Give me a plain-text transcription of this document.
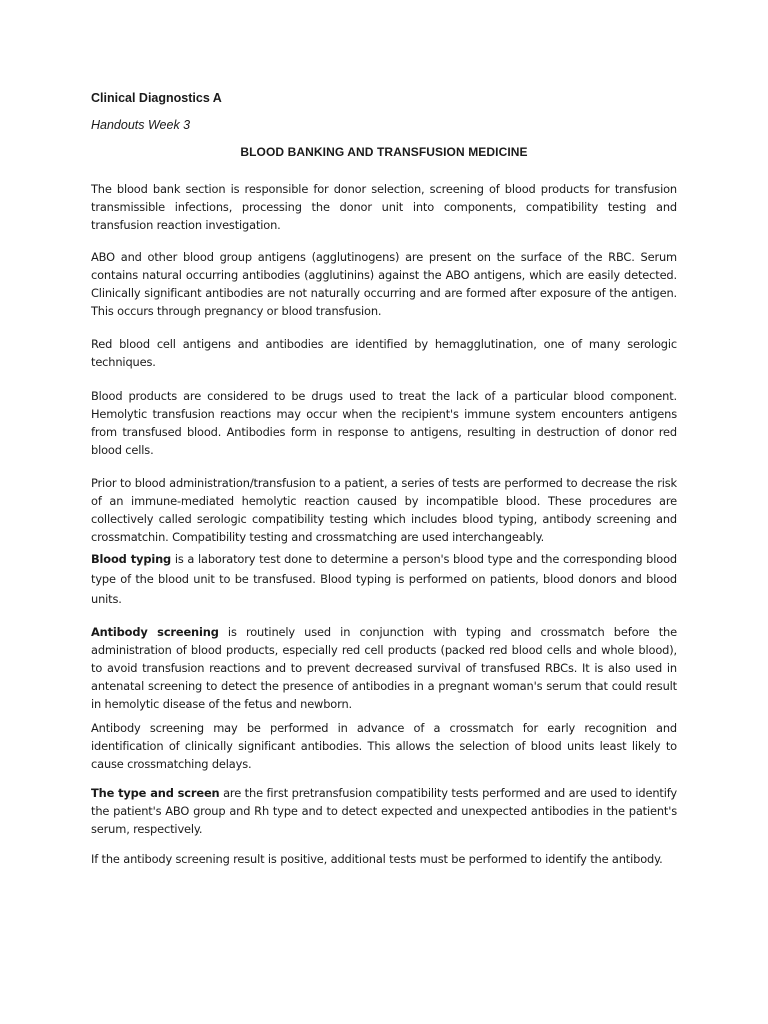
Clinical Diagnostics A

Handouts Week 3

BLOOD BANKING AND TRANSFUSION MEDICINE

The blood bank section is responsible for donor selection, screening of blood products for transfusion transmissible infections, processing the donor unit into components, compatibility testing and transfusion reaction investigation.

ABO and other blood group antigens (agglutinogens) are present on the surface of the RBC. Serum contains natural occurring antibodies (agglutinins) against the ABO antigens, which are easily detected. Clinically significant antibodies are not naturally occurring and are formed after exposure of the antigen. This occurs through pregnancy or blood transfusion.

Red blood cell antigens and antibodies are identified by hemagglutination, one of many serologic techniques.

Blood products are considered to be drugs used to treat the lack of a particular blood component. Hemolytic transfusion reactions may occur when the recipient's immune system encounters antigens from transfused blood. Antibodies form in response to antigens, resulting in destruction of donor red blood cells.

Prior to blood administration/transfusion to a patient, a series of tests are performed to decrease the risk of an immune-mediated hemolytic reaction caused by incompatible blood. These procedures are collectively called serologic compatibility testing which includes blood typing, antibody screening and crossmatchin. Compatibility testing and crossmatching are used interchangeably.

Blood typing is a laboratory test done to determine a person's blood type and the corresponding blood type of the blood unit to be transfused. Blood typing is performed on patients, blood donors and blood units.

Antibody screening is routinely used in conjunction with typing and crossmatch before the administration of blood products, especially red cell products (packed red blood cells and whole blood), to avoid transfusion reactions and to prevent decreased survival of transfused RBCs. It is also used in antenatal screening to detect the presence of antibodies in a pregnant woman's serum that could result in hemolytic disease of the fetus and newborn.

Antibody screening may be performed in advance of a crossmatch for early recognition and identification of clinically significant antibodies. This allows the selection of blood units least likely to cause crossmatching delays.

The type and screen are the first pretransfusion compatibility tests performed and are used to identify the patient's ABO group and Rh type and to detect expected and unexpected antibodies in the patient's serum, respectively.

If the antibody screening result is positive, additional tests must be performed to identify the antibody.
